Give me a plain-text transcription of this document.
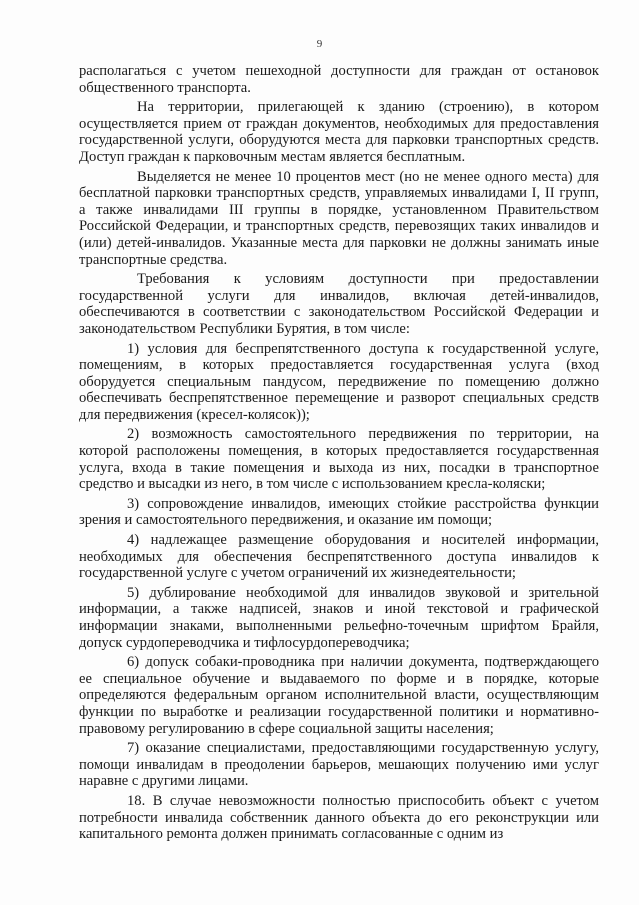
9

располагаться с учетом пешеходной доступности для граждан от остановок общественного транспорта.

На территории, прилегающей к зданию (строению), в котором осуществляется прием от граждан документов, необходимых для предоставления государственной услуги, оборудуются места для парковки транспортных средств. Доступ граждан к парковочным местам является бесплатным.

Выделяется не менее 10 процентов мест (но не менее одного места) для бесплатной парковки транспортных средств, управляемых инвалидами I, II групп, а также инвалидами III группы в порядке, установленном Правительством Российской Федерации, и транспортных средств, перевозящих таких инвалидов и (или) детей-инвалидов. Указанные места для парковки не должны занимать иные транспортные средства.

Требования к условиям доступности при предоставлении государственной услуги для инвалидов, включая детей-инвалидов, обеспечиваются в соответствии с законодательством Российской Федерации и законодательством Республики Бурятия, в том числе:

1) условия для беспрепятственного доступа к государственной услуге, помещениям, в которых предоставляется государственная услуга (вход оборудуется специальным пандусом, передвижение по помещению должно обеспечивать беспрепятственное перемещение и разворот специальных средств для передвижения (кресел-колясок));

2) возможность самостоятельного передвижения по территории, на которой расположены помещения, в которых предоставляется государственная услуга, входа в такие помещения и выхода из них, посадки в транспортное средство и высадки из него, в том числе с использованием кресла-коляски;

3) сопровождение инвалидов, имеющих стойкие расстройства функции зрения и самостоятельного передвижения, и оказание им помощи;

4) надлежащее размещение оборудования и носителей информации, необходимых для обеспечения беспрепятственного доступа инвалидов к государственной услуге с учетом ограничений их жизнедеятельности;

5) дублирование необходимой для инвалидов звуковой и зрительной информации, а также надписей, знаков и иной текстовой и графической информации знаками, выполненными рельефно-точечным шрифтом Брайля, допуск сурдопереводчика и тифлосурдопереводчика;

6) допуск собаки-проводника при наличии документа, подтверждающего ее специальное обучение и выдаваемого по форме и в порядке, которые определяются федеральным органом исполнительной власти, осуществляющим функции по выработке и реализации государственной политики и нормативно-правовому регулированию в сфере социальной защиты населения;

7) оказание специалистами, предоставляющими государственную услугу, помощи инвалидам в преодолении барьеров, мешающих получению ими услуг наравне с другими лицами.

18. В случае невозможности полностью приспособить объект с учетом потребности инвалида собственник данного объекта до его реконструкции или капитального ремонта должен принимать согласованные с одним из
